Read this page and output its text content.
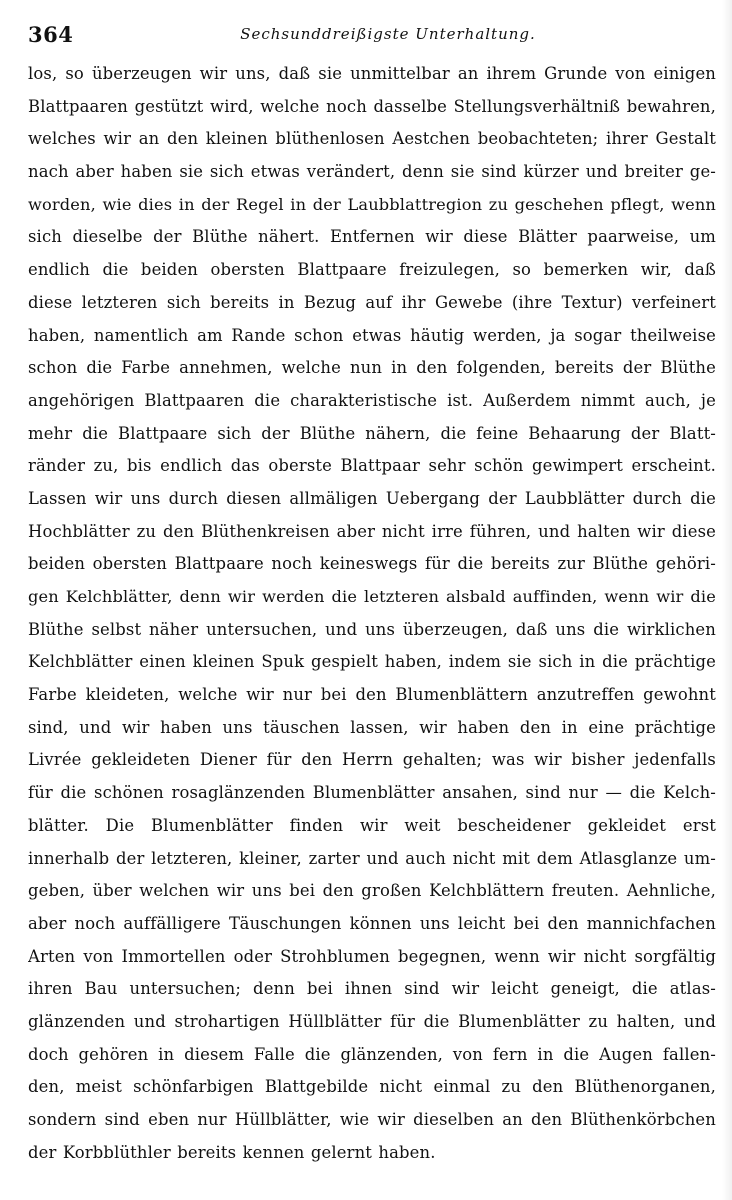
364	Sechsunddreißigste Unterhaltung.
los, so überzeugen wir uns, daß sie unmittelbar an ihrem Grunde von einigen
Blattpaaren gestützt wird, welche noch dasselbe Stellungsverhältniß bewahren,
welches wir an den kleinen blüthenlosen Aestchen beobachteten; ihrer Gestalt
nach aber haben sie sich etwas verändert, denn sie sind kürzer und breiter ge-
worden, wie dies in der Regel in der Laubblattregion zu geschehen pflegt, wenn
sich dieselbe der Blüthe nähert. Entfernen wir diese Blätter paarweise, um
endlich die beiden obersten Blattpaare freizulegen, so bemerken wir, daß
diese letzteren sich bereits in Bezug auf ihr Gewebe (ihre Textur) verfeinert
haben, namentlich am Rande schon etwas häutig werden, ja sogar theilweise
schon die Farbe annehmen, welche nun in den folgenden, bereits der Blüthe
angehörigen Blattpaaren die charakteristische ist. Außerdem nimmt auch, je
mehr die Blattpaare sich der Blüthe nähern, die feine Behaarung der Blatt-
ränder zu, bis endlich das oberste Blattpaar sehr schön gewimpert erscheint.
Lassen wir uns durch diesen allmäligen Uebergang der Laubblätter durch die
Hochblätter zu den Blüthenkreisen aber nicht irre führen, und halten wir diese
beiden obersten Blattpaare noch keineswegs für die bereits zur Blüthe gehöri-
gen Kelchblätter, denn wir werden die letzteren alsbald auffinden, wenn wir die
Blüthe selbst näher untersuchen, und uns überzeugen, daß uns die wirklichen
Kelchblätter einen kleinen Spuk gespielt haben, indem sie sich in die prächtige
Farbe kleideten, welche wir nur bei den Blumenblättern anzutreffen gewohnt
sind, und wir haben uns täuschen lassen, wir haben den in eine prächtige
Livrée gekleideten Diener für den Herrn gehalten; was wir bisher jedenfalls
für die schönen rosaglänzenden Blumenblätter ansahen, sind nur — die Kelch-
blätter. Die Blumenblätter finden wir weit bescheidener gekleidet erst
innerhalb der letzteren, kleiner, zarter und auch nicht mit dem Atlasglanze um-
geben, über welchen wir uns bei den großen Kelchblättern freuten. Aehnliche,
aber noch auffälligere Täuschungen können uns leicht bei den mannichfachen
Arten von Immortellen oder Strohblumen begegnen, wenn wir nicht sorgfältig
ihren Bau untersuchen; denn bei ihnen sind wir leicht geneigt, die atlas-
glänzenden und strohartigen Hüllblätter für die Blumenblätter zu halten, und
doch gehören in diesem Falle die glänzenden, von fern in die Augen fallen-
den, meist schönfarbigen Blattgebilde nicht einmal zu den Blüthenorganen,
sondern sind eben nur Hüllblätter, wie wir dieselben an den Blüthenkörbchen
der Korbblüthler bereits kennen gelernt haben.
